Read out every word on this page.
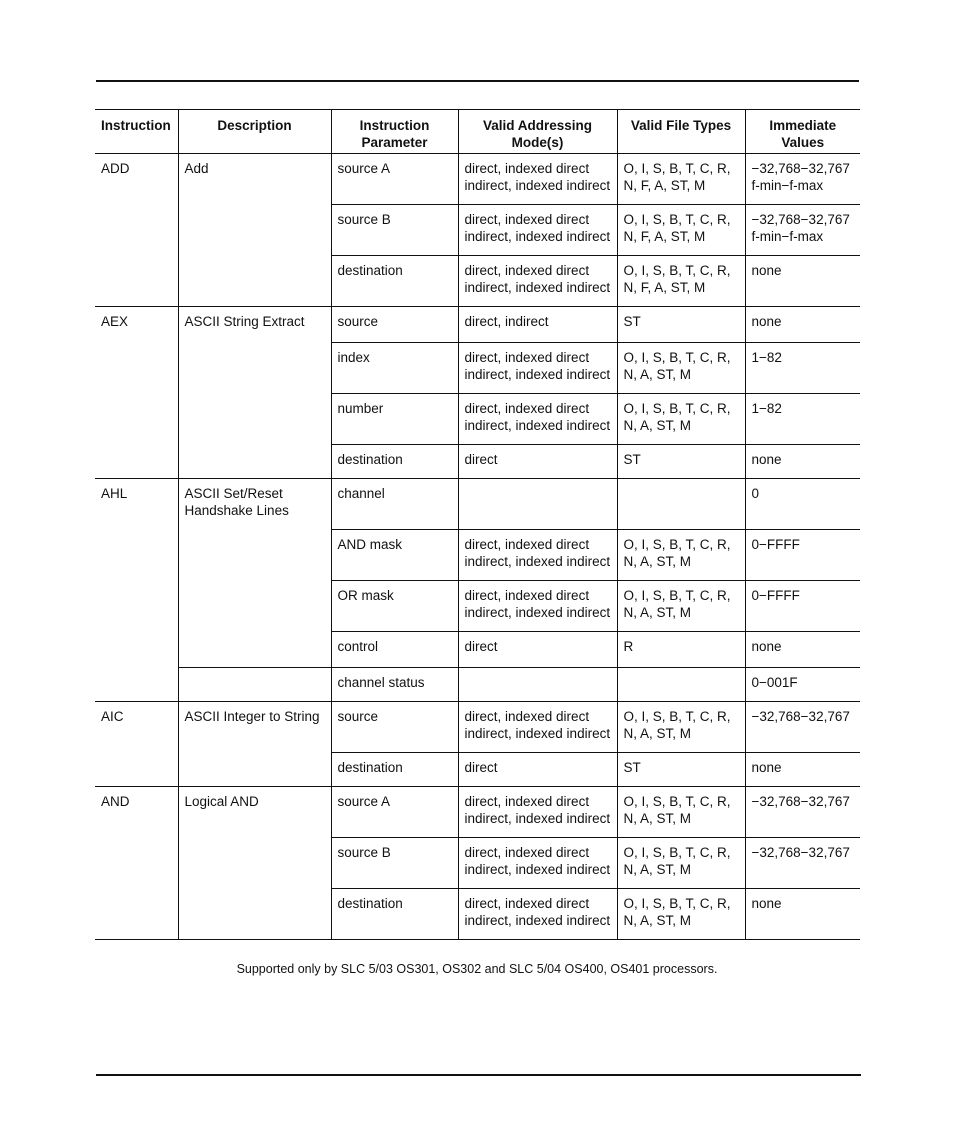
Instruction	Description	Instruction Parameter	Valid Addressing Mode(s)	Valid File Types	Immediate Values
ADD	Add	source A	direct, indexed direct indirect, indexed indirect	O, I, S, B, T, C, R, N, F, A, ST, M	−32,768−32,767 f-min−f-max
		source B	direct, indexed direct indirect, indexed indirect	O, I, S, B, T, C, R, N, F, A, ST, M	−32,768−32,767 f-min−f-max
		destination	direct, indexed direct indirect, indexed indirect	O, I, S, B, T, C, R, N, F, A, ST, M	none
AEX	ASCII String Extract	source	direct, indirect	ST	none
		index	direct, indexed direct indirect, indexed indirect	O, I, S, B, T, C, R, N, A, ST, M	1−82
		number	direct, indexed direct indirect, indexed indirect	O, I, S, B, T, C, R, N, A, ST, M	1−82
		destination	direct	ST	none
AHL	ASCII Set/Reset Handshake Lines	channel			0
		AND mask	direct, indexed direct indirect, indexed indirect	O, I, S, B, T, C, R, N, A, ST, M	0−FFFF
		OR mask	direct, indexed direct indirect, indexed indirect	O, I, S, B, T, C, R, N, A, ST, M	0−FFFF
		control	direct	R	none
		channel status			0−001F
AIC	ASCII Integer to String	source	direct, indexed direct indirect, indexed indirect	O, I, S, B, T, C, R, N, A, ST, M	−32,768−32,767
		destination	direct	ST	none
AND	Logical AND	source A	direct, indexed direct indirect, indexed indirect	O, I, S, B, T, C, R, N, A, ST, M	−32,768−32,767
		source B	direct, indexed direct indirect, indexed indirect	O, I, S, B, T, C, R, N, A, ST, M	−32,768−32,767
		destination	direct, indexed direct indirect, indexed indirect	O, I, S, B, T, C, R, N, A, ST, M	none
Supported only by SLC 5/03 OS301, OS302 and SLC 5/04 OS400, OS401 processors.
